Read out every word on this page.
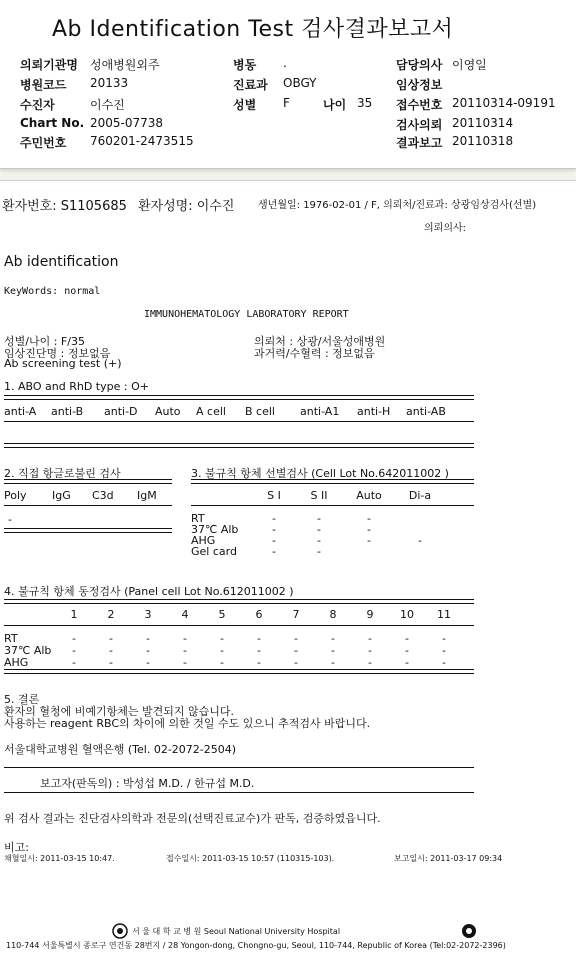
Ab Identification Test 검사결과보고서
의뢰기관명 성애병원외주
병원코드 20133
수진자	이수진
Chart No. 2005-07738
주민번호 760201-2473515
병동 .
진료과 OBGY
성별 F	나이 35
담당의사 이영일
임상정보
접수번호 20110314-09191
검사의뢰 20110314
결과보고 20110318
환자번호: S1105685 환자성명: 이수진 생년월일: 1976-02-01 / F, 의뢰처/진료과: 상광임상검사(선별)
의뢰의사:
Ab identification
KeyWords: normal
IMMUNOHEMATOLOGY LABORATORY REPORT
성별/나이 : F/35
임상진단명 : 정보없음
Ab screening test (+)
의뢰처 : 상광/서울성애병원
과거력/수혈력 : 정보없음
1. ABO and RhD type : O+
anti-A anti-B anti-D Auto A cell B cell anti-A1 anti-H anti-AB
2. 직접 항글로불린 검사
Poly IgG C3d IgM
-
3. 불규칙 항체 선별검사 (Cell Lot No.642011002 )
S I	S II	Auto	Di-a
RT	-	-	-
37℃ Alb	-	-	-
AHG	-	-	-	-
Gel card	-	-
4. 불규칙 항체 동정검사 (Panel cell Lot No.612011002 )
1	2	3	4	5	6	7	8	9	10	11
RT	-	-	-	-	-	-	-	-	-	-	-
37℃ Alb	-	-	-	-	-	-	-	-	-	-	-
AHG	-	-	-	-	-	-	-	-	-	-	-
5. 결론
환자의 혈청에 비예기항체는 발견되지 않습니다.
사용하는 reagent RBC의 차이에 의한 것일 수도 있으니 추적검사 바랍니다.
서울대학교병원 혈액은행 (Tel. 02-2072-2504)
보고자(판독의) : 박성섭 M.D. / 한규섭 M.D.
위 검사 결과는 진단검사의학과 전문의(선택진료교수)가 판독, 검증하였읍니다.
비고:
채혈일시: 2011-03-15 10:47.	접수일시: 2011-03-15 10:57 (110315-103).	보고일시: 2011-03-17 09:34
서 울 대 학 교 병 원 Seoul National University Hospital
110-744 서울특별시 종로구 연건동 28번지 / 28 Yongon-dong, Chongno-gu, Seoul, 110-744, Republic of Korea (Tel:02-2072-2396)
